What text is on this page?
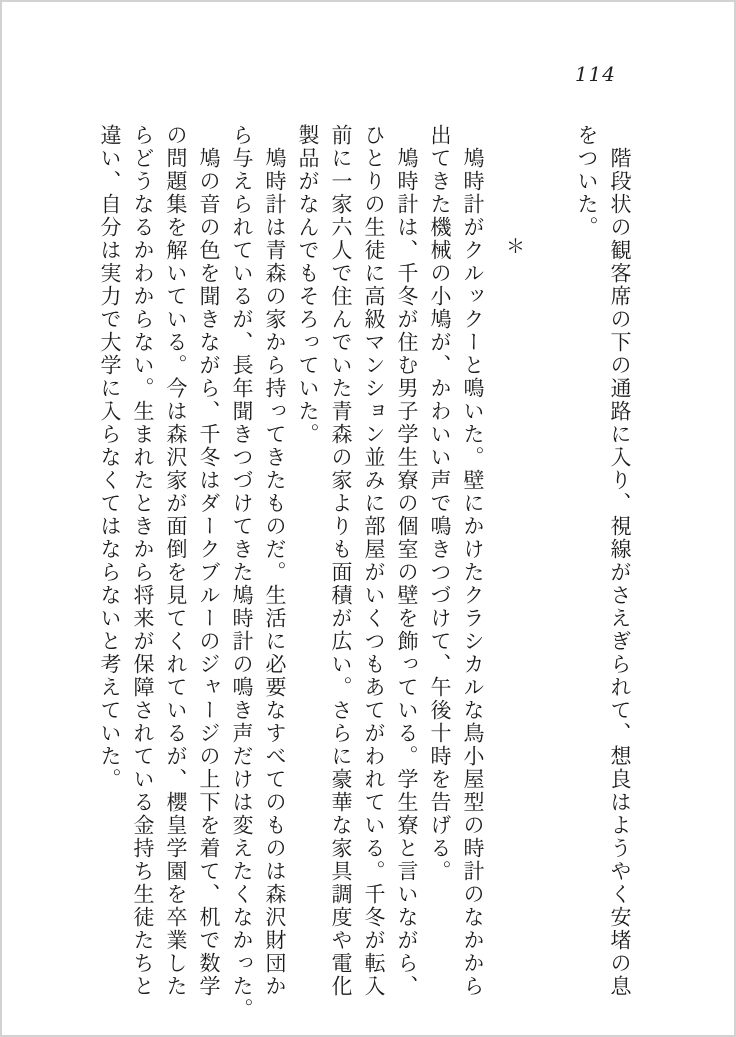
114
階段状の観客席の下の通路に入り、視線がさえぎられて、想良はようやく安堵の息
をついた。
＊
鳩時計がクルックーと鳴いた。壁にかけたクラシカルな鳥小屋型の時計のなかから
出てきた機械の小鳩が、かわいい声で鳴きつづけて、午後十時を告げる。
鳩時計は、千冬が住む男子学生寮の個室の壁を飾っている。学生寮と言いながら、
ひとりの生徒に高級マンション並みに部屋がいくつもあてがわれている。千冬が転入
前に一家六人で住んでいた青森の家よりも面積が広い。さらに豪華な家具調度や電化
製品がなんでもそろっていた。
鳩時計は青森の家から持ってきたものだ。生活に必要なすべてのものは森沢財団か
ら与えられているが、長年聞きつづけてきた鳩時計の鳴き声だけは変えたくなかった。
鳩の音の色を聞きながら、千冬はダークブルーのジャージの上下を着て、机で数学
の問題集を解いている。今は森沢家が面倒を見てくれているが、櫻皇学園を卒業した
らどうなるかわからない。生まれたときから将来が保障されている金持ち生徒たちと
違い、自分は実力で大学に入らなくてはならないと考えていた。
